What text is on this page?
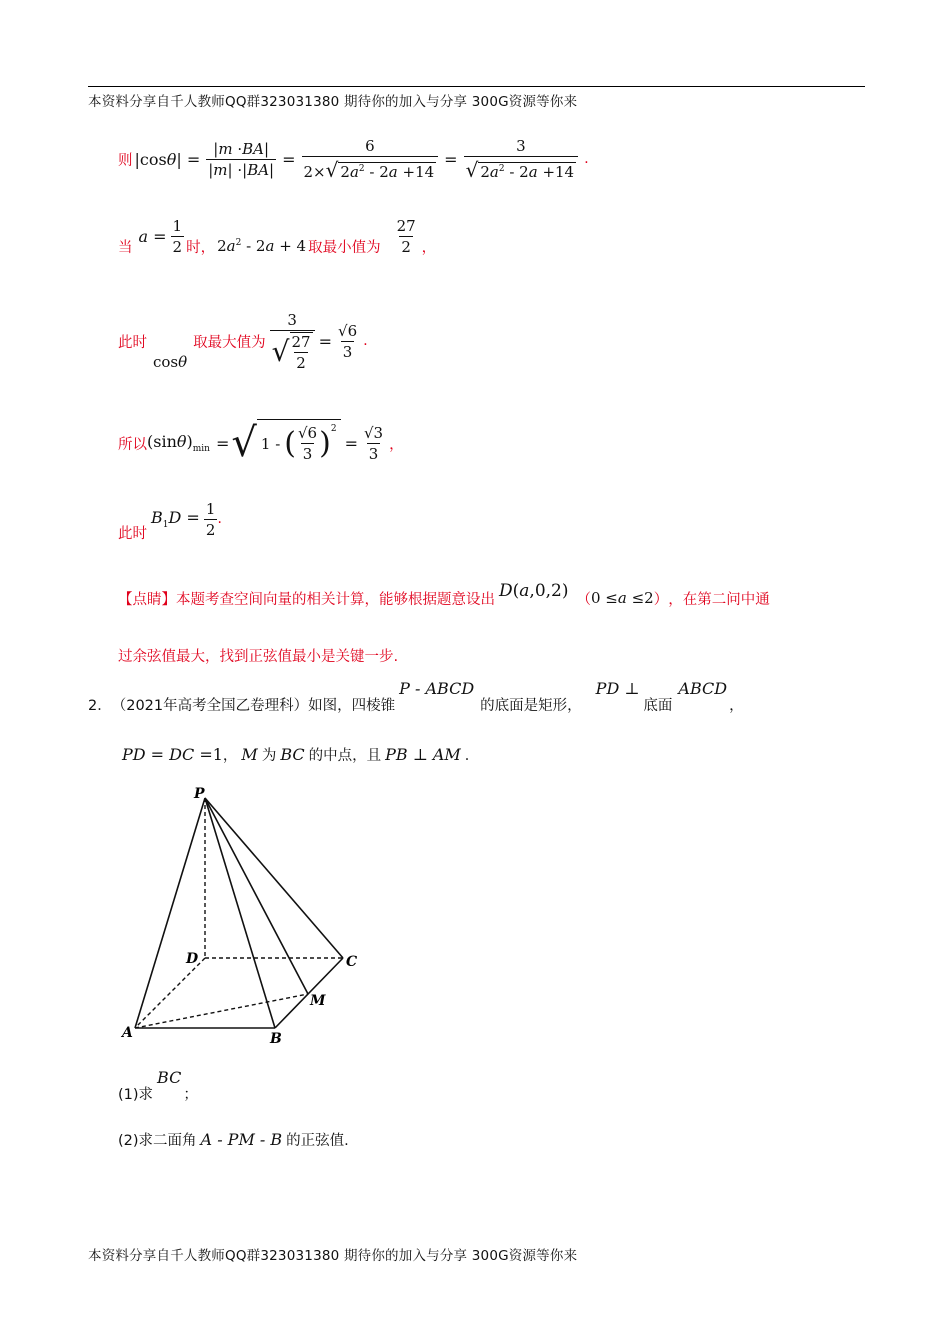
本资料分享自千人教师QQ群323031380 期待你的加入与分享 300G资源等你来
则 $|\cos\theta| = \frac{|m \cdot BA|}{|m| \cdot|BA|} = \frac{6}{2\times√ 2a^2 - 2a +14} = \frac{3}{√ 2a^2 - 2a +14}$ .
当
$a = \frac{1}{2}$ 时， $2a^2 - 2a + 4$ 取最小值为 $\frac{27}{2}$ ，
此时
cosθ
取最大值为 $\frac{3}{√ \frac{27}{2}} = \frac{√6}{3}$ .
所以 $(\sin\theta)_{min}$ = √ 1 - ( $\frac{√6}{3} )^2$
= $\frac{√3}{3}$ ，
此时
$B_1D = \frac{1}{2}$ .
【点睛】本题考查空间向量的相关计算，能够根据题意设出 D(a,0,2) （ 0 ≤a ≤2 ） ，在第二问中通
过余弦值最大，找到正弦值最小是关键一步.
2． （2021年高考全国乙卷理科）如图，四棱锥
P - ABCD
的底面是矩形，
PD ⊥
底面
ABCD
，
PD = DC =1 ， M 为 BC 的中点，且 PB ⊥ AM ．
P
D	C
M
A	B
(1)求
BC
；
(2)求二面角 A - PM - B 的正弦值.
本资料分享自千人教师QQ群323031380 期待你的加入与分享 300G资源等你来
